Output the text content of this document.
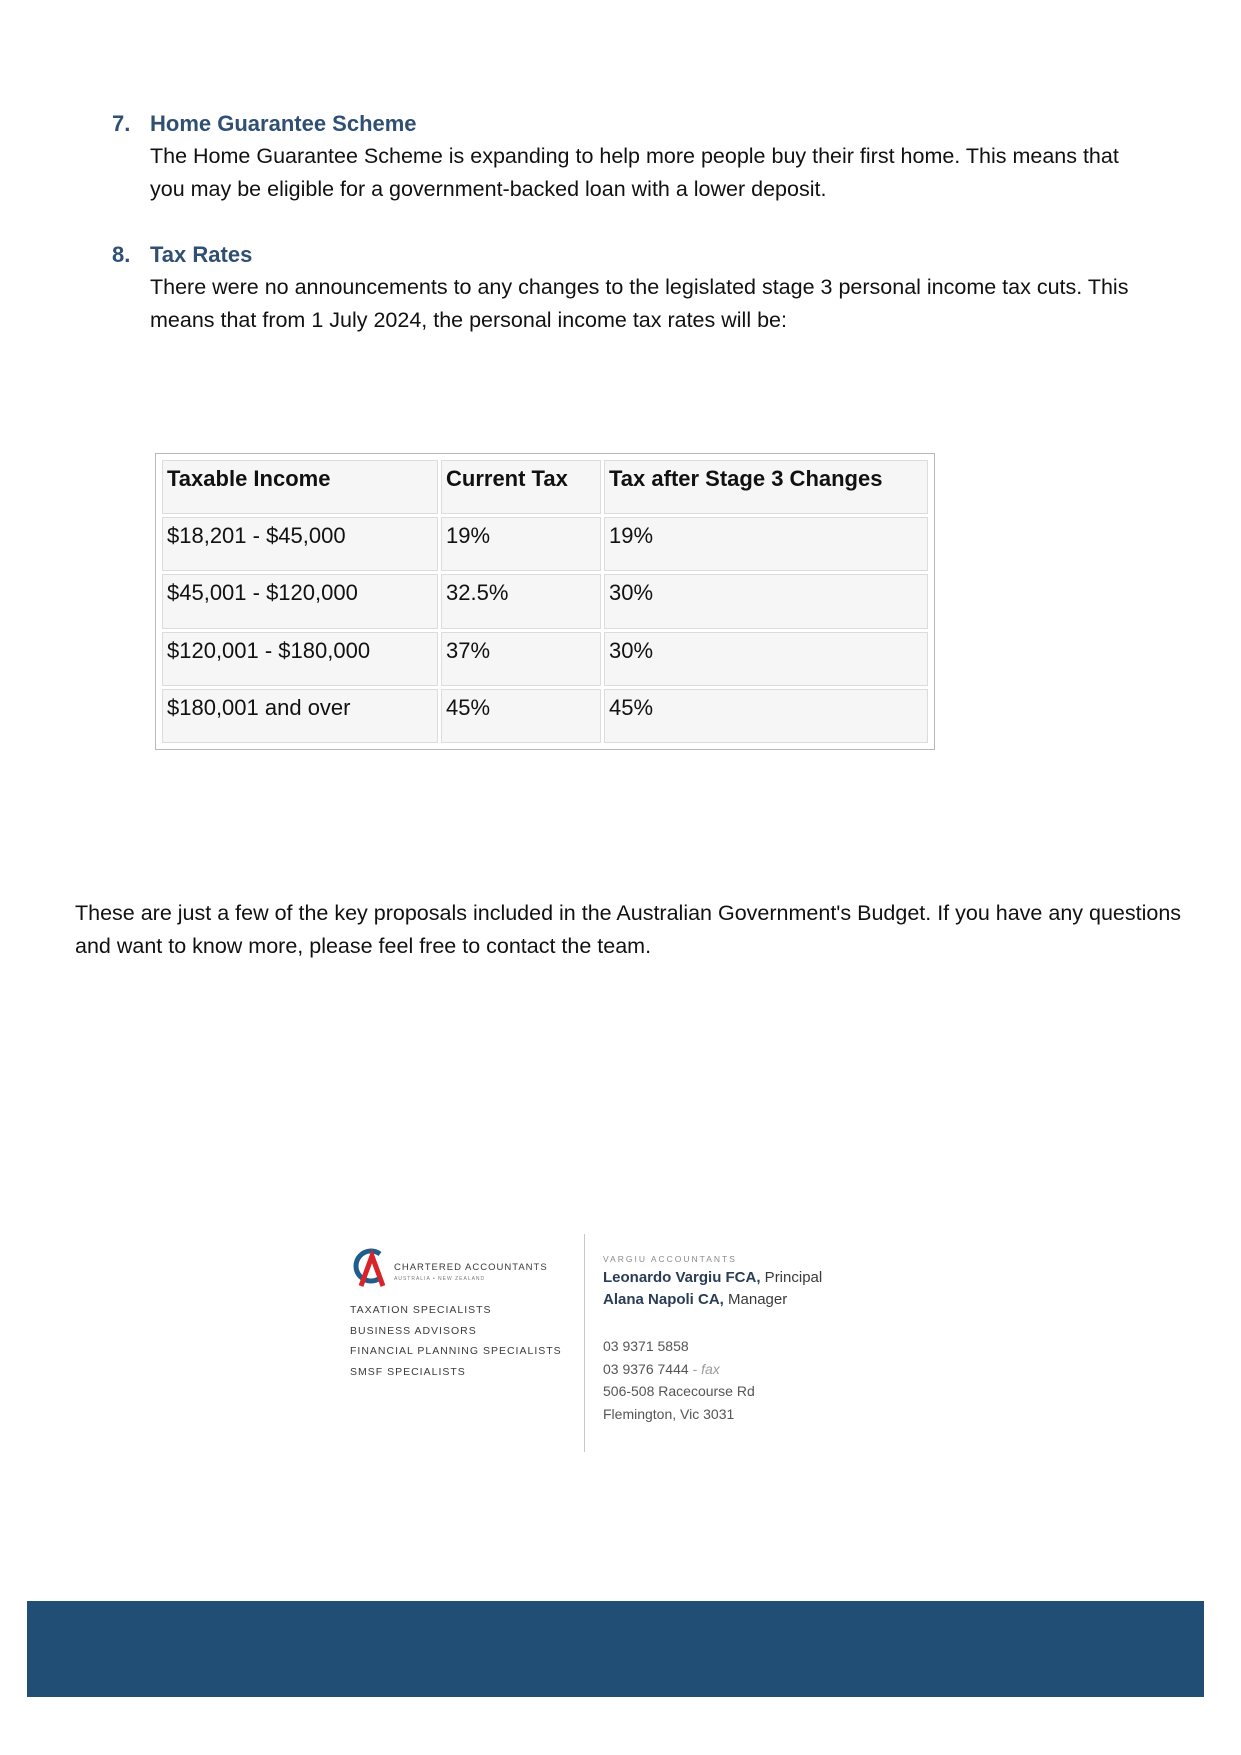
7. Home Guarantee Scheme
The Home Guarantee Scheme is expanding to help more people buy their first home. This means that you may be eligible for a government-backed loan with a lower deposit.
8. Tax Rates
There were no announcements to any changes to the legislated stage 3 personal income tax cuts. This means that from 1 July 2024, the personal income tax rates will be:
Taxable Income	Current Tax	Tax after Stage 3 Changes
$18,201 - $45,000	19%	19%
$45,001 - $120,000	32.5%	30%
$120,001 - $180,000	37%	30%
$180,001 and over	45%	45%
These are just a few of the key proposals included in the Australian Government's Budget. If you have any questions and want to know more, please feel free to contact the team.
CHARTERED ACCOUNTANTS
AUSTRALIA • NEW ZEALAND
TAXATION SPECIALISTS
BUSINESS ADVISORS
FINANCIAL PLANNING SPECIALISTS
SMSF SPECIALISTS
VARGIU ACCOUNTANTS
Leonardo Vargiu FCA, Principal
Alana Napoli CA, Manager
03 9371 5858
03 9376 7444 - fax
506-508 Racecourse Rd
Flemington, Vic 3031
